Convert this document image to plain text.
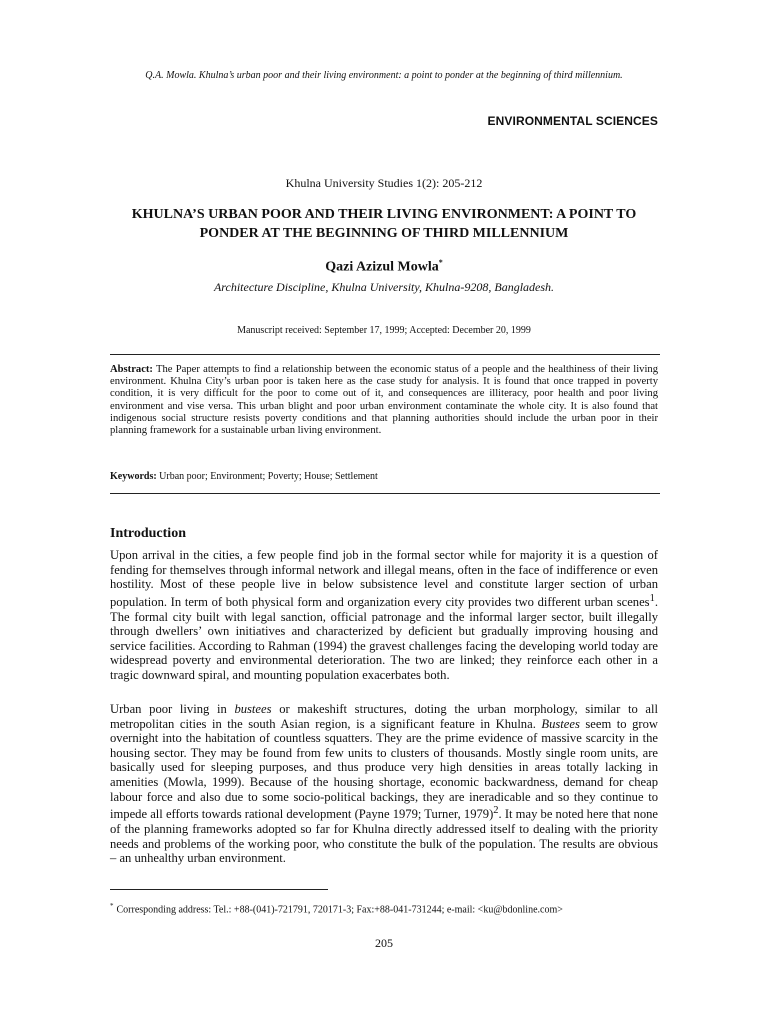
Q.A. Mowla. Khulna’s urban poor and their living environment: a point to ponder at the beginning of third millennium.
ENVIRONMENTAL SCIENCES
Khulna University Studies 1(2): 205-212
KHULNA’S URBAN POOR AND THEIR LIVING ENVIRONMENT: A POINT TO PONDER AT THE BEGINNING OF THIRD MILLENNIUM
Qazi Azizul Mowla*
Architecture Discipline, Khulna University, Khulna-9208, Bangladesh.
Manuscript received: September 17, 1999; Accepted: December 20, 1999
Abstract: The Paper attempts to find a relationship between the economic status of a people and the healthiness of their living environment. Khulna City’s urban poor is taken here as the case study for analysis. It is found that once trapped in poverty condition, it is very difficult for the poor to come out of it, and consequences are illiteracy, poor health and poor living environment and vise versa. This urban blight and poor urban environment contaminate the whole city. It is also found that indigenous social structure resists poverty conditions and that planning authorities should include the urban poor in their planning framework for a sustainable urban living environment.
Keywords: Urban poor; Environment; Poverty; House; Settlement
Introduction
Upon arrival in the cities, a few people find job in the formal sector while for majority it is a question of fending for themselves through informal network and illegal means, often in the face of indifference or even hostility. Most of these people live in below subsistence level and constitute larger section of urban population. In term of both physical form and organization every city provides two different urban scenes$^1$. The formal city built with legal sanction, official patronage and the informal larger sector, built illegally through dwellers’ own initiatives and characterized by deficient but gradually improving housing and service facilities. According to Rahman (1994) the gravest challenges facing the developing world today are widespread poverty and environmental deterioration. The two are linked; they reinforce each other in a tragic downward spiral, and mounting population exacerbates both.
Urban poor living in bustees or makeshift structures, doting the urban morphology, similar to all metropolitan cities in the south Asian region, is a significant feature in Khulna. Bustees seem to grow overnight into the habitation of countless squatters. They are the prime evidence of massive scarcity in the housing sector. They may be found from few units to clusters of thousands. Mostly single room units, are basically used for sleeping purposes, and thus produce very high densities in areas totally lacking in amenities (Mowla, 1999). Because of the housing shortage, economic backwardness, demand for cheap labour force and also due to some socio-political backings, they are ineradicable and so they continue to impede all efforts towards rational development (Payne 1979; Turner, 1979)$^2$. It may be noted here that none of the planning frameworks adopted so far for Khulna directly addressed itself to dealing with the priority needs and problems of the working poor, who constitute the bulk of the population. The results are obvious – an unhealthy urban environment.
* Corresponding address: Tel.: +88-(041)-721791, 720171-3; Fax:+88-041-731244; e-mail: <ku@bdonline.com>
205
